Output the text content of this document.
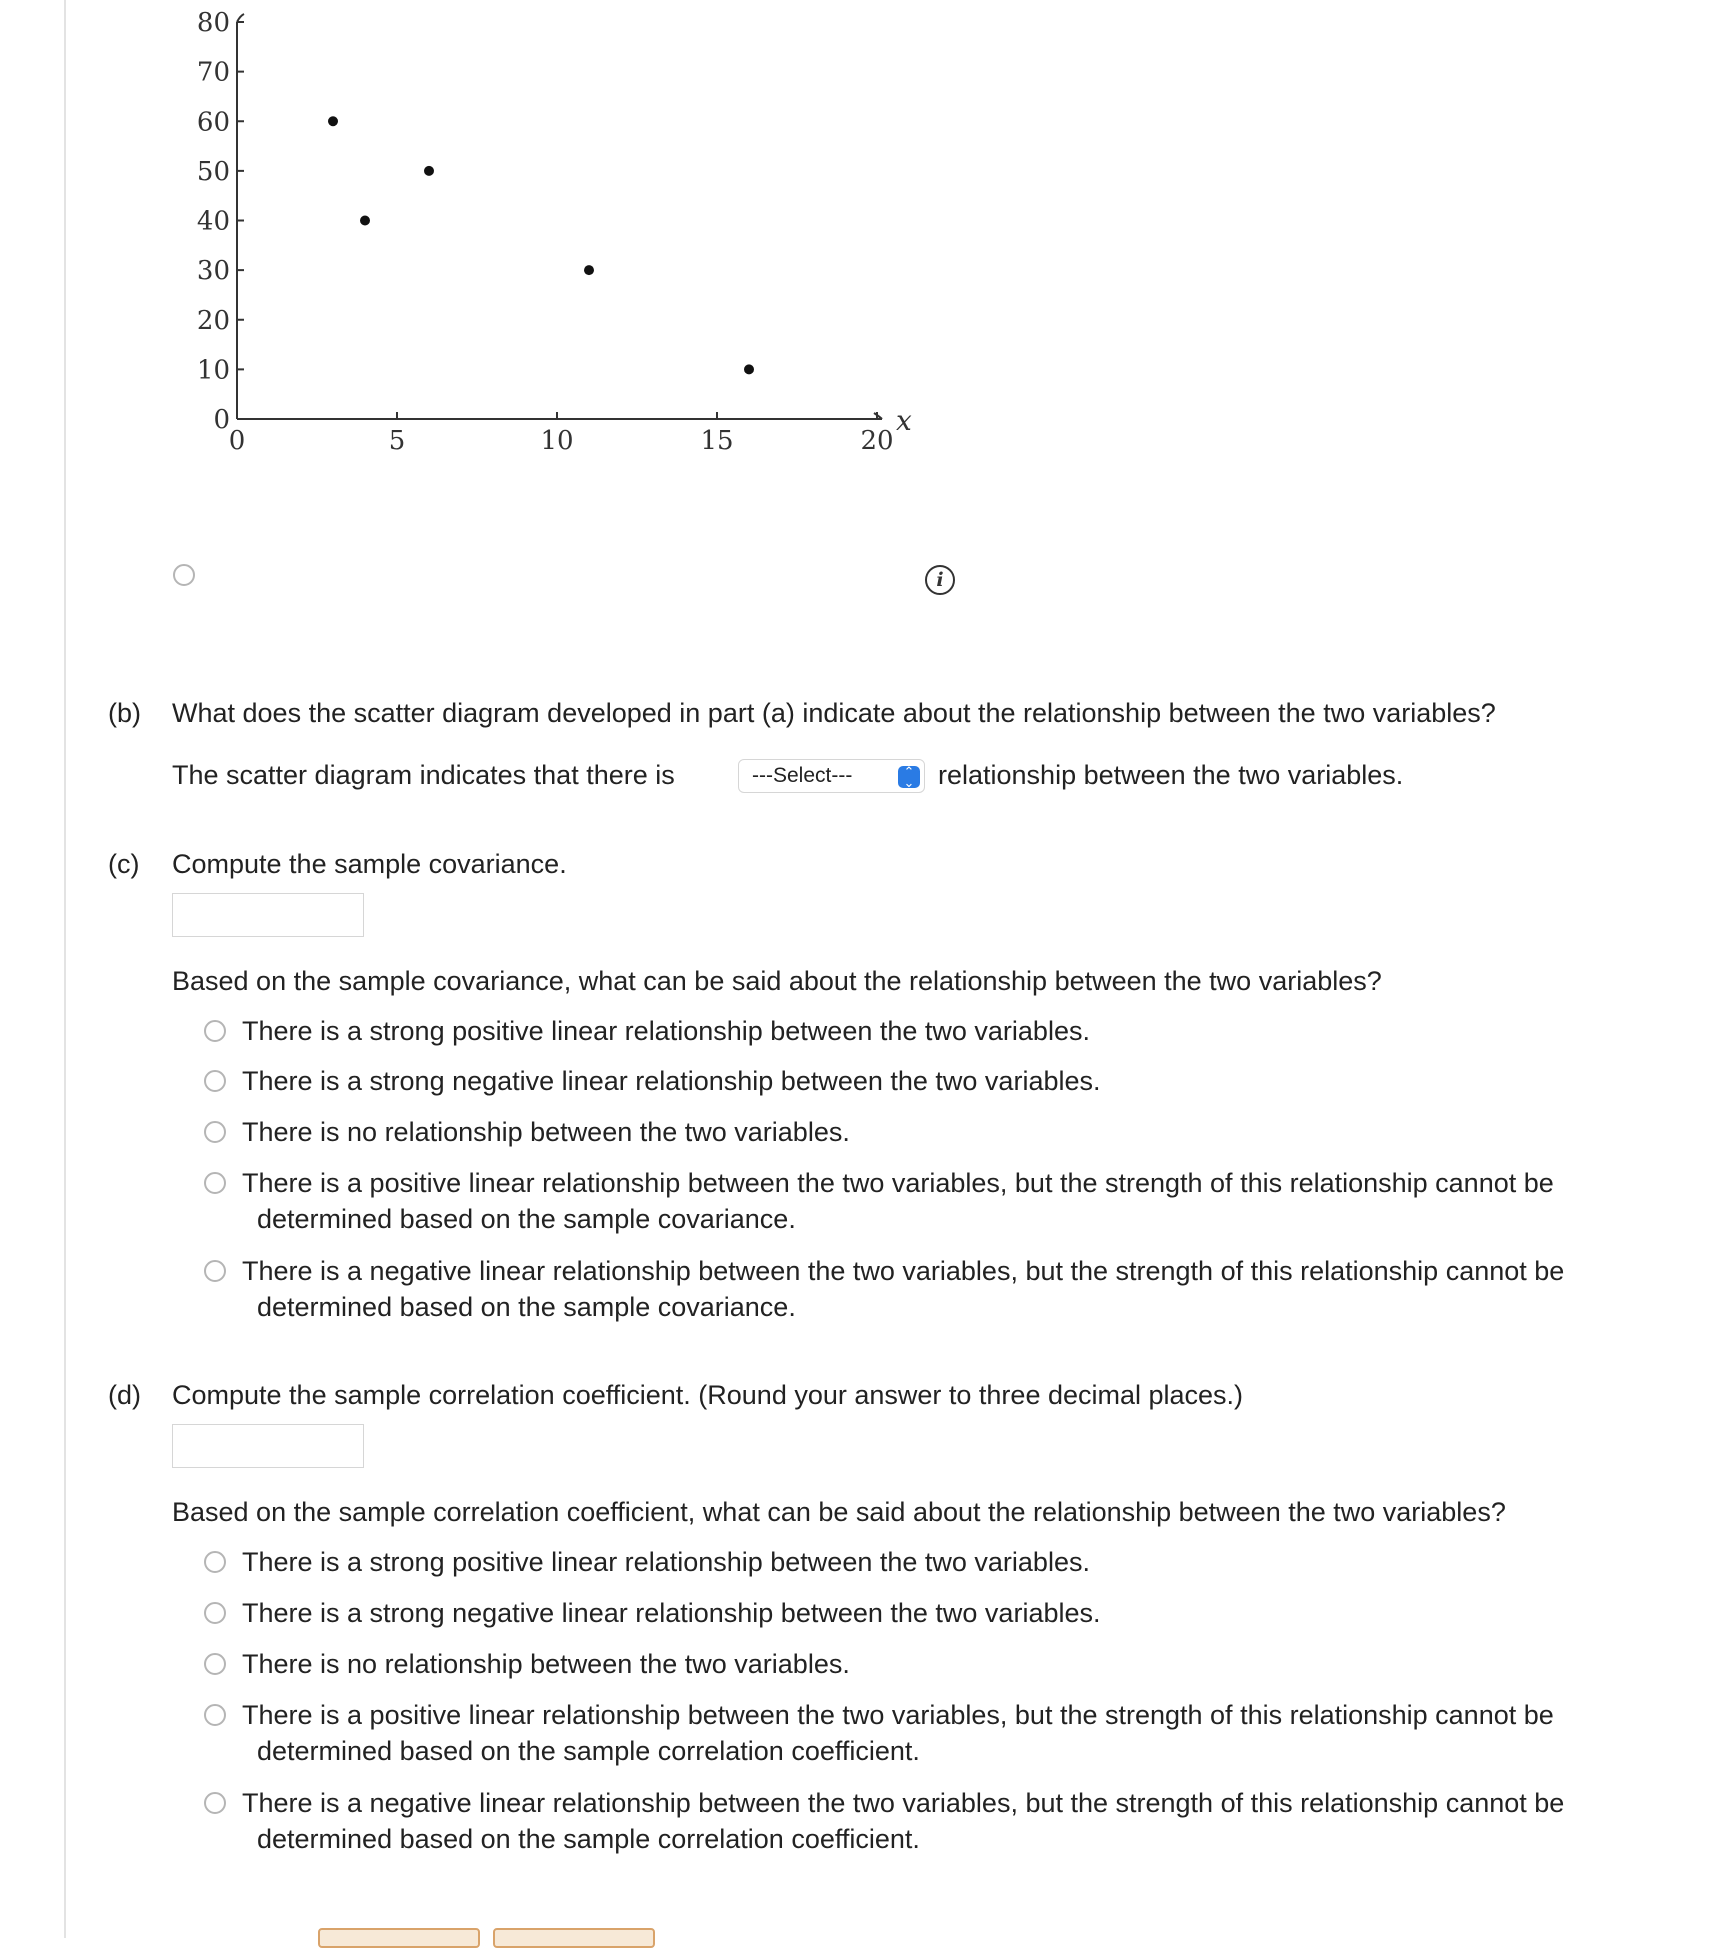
0
10
20
30
40
50
60
70
80
0	5	10	15	20
x
i
(b) What does the scatter diagram developed in part (a) indicate about the relationship between the two variables?
The scatter diagram indicates that there is	---Select---	⌃
⌄ relationship between the two variables.
(c) Compute the sample covariance.
Based on the sample covariance, what can be said about the relationship between the two variables?
There is a strong positive linear relationship between the two variables.
There is a strong negative linear relationship between the two variables.
There is no relationship between the two variables.
There is a positive linear relationship between the two variables, but the strength of this relationship cannot be
determined based on the sample covariance.
There is a negative linear relationship between the two variables, but the strength of this relationship cannot be
determined based on the sample covariance.
(d) Compute the sample correlation coefficient. (Round your answer to three decimal places.)
Based on the sample correlation coefficient, what can be said about the relationship between the two variables?
There is a strong positive linear relationship between the two variables.
There is a strong negative linear relationship between the two variables.
There is no relationship between the two variables.
There is a positive linear relationship between the two variables, but the strength of this relationship cannot be
determined based on the sample correlation coefficient.
There is a negative linear relationship between the two variables, but the strength of this relationship cannot be
determined based on the sample correlation coefficient.
